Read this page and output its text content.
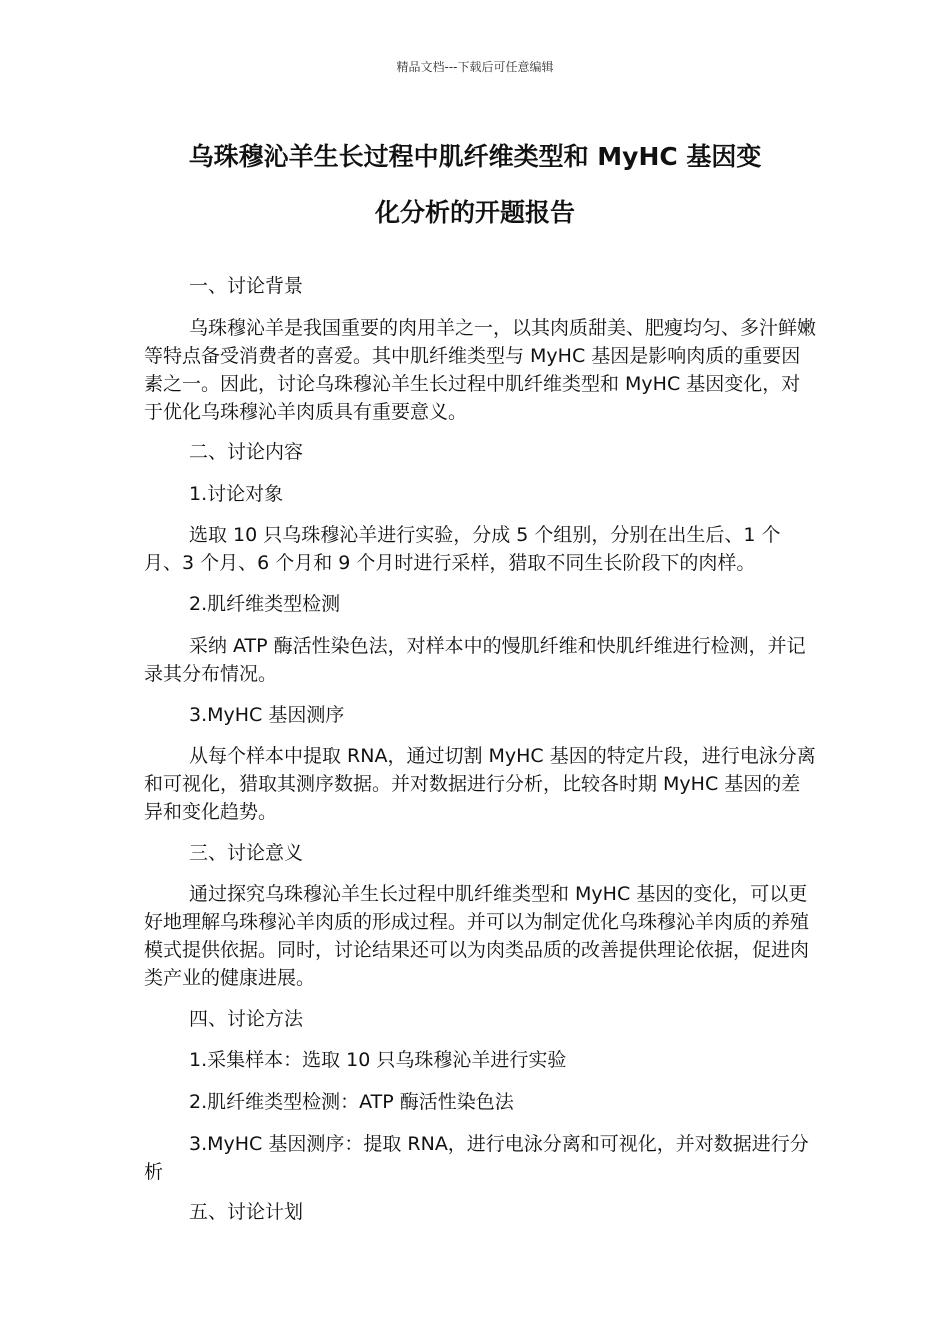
精品文档---下载后可任意编辑
乌珠穆沁羊生长过程中肌纤维类型和 MyHC 基因变
化分析的开题报告

一、讨论背景

乌珠穆沁羊是我国重要的肉用羊之一，以其肉质甜美、肥瘦均匀、多汁鲜嫩等特点备受消费者的喜爱。其中肌纤维类型与 MyHC 基因是影响肉质的重要因素之一。因此，讨论乌珠穆沁羊生长过程中肌纤维类型和 MyHC 基因变化，对于优化乌珠穆沁羊肉质具有重要意义。

二、讨论内容

1.讨论对象

选取 10 只乌珠穆沁羊进行实验，分成 5 个组别，分别在出生后、1 个月、3 个月、6 个月和 9 个月时进行采样，猎取不同生长阶段下的肉样。

2.肌纤维类型检测

采纳 ATP 酶活性染色法，对样本中的慢肌纤维和快肌纤维进行检测，并记录其分布情况。

3.MyHC 基因测序

从每个样本中提取 RNA，通过切割 MyHC 基因的特定片段，进行电泳分离和可视化，猎取其测序数据。并对数据进行分析，比较各时期 MyHC 基因的差异和变化趋势。

三、讨论意义

通过探究乌珠穆沁羊生长过程中肌纤维类型和 MyHC 基因的变化，可以更好地理解乌珠穆沁羊肉质的形成过程。并可以为制定优化乌珠穆沁羊肉质的养殖模式提供依据。同时，讨论结果还可以为肉类品质的改善提供理论依据，促进肉类产业的健康进展。

四、讨论方法

1.采集样本：选取 10 只乌珠穆沁羊进行实验

2.肌纤维类型检测：ATP 酶活性染色法

3.MyHC 基因测序：提取 RNA，进行电泳分离和可视化，并对数据进行分析

五、讨论计划
